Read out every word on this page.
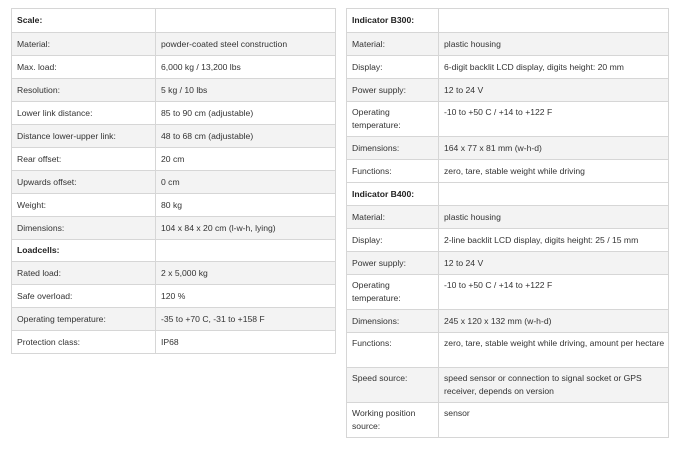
Scale:	
Material:	powder-coated steel construction
Max. load:	6,000 kg / 13,200 lbs
Resolution:	5 kg / 10 lbs
Lower link distance:	85 to 90 cm (adjustable)
Distance lower-upper link:	48 to 68 cm (adjustable)
Rear offset:	20 cm
Upwards offset:	0 cm
Weight:	80 kg
Dimensions:	104 x 84 x 20 cm (l-w-h, lying)
Loadcells:	
Rated load:	2 x 5,000 kg
Safe overload:	120 %
Operating temperature:	-35 to +70 C, -31 to +158 F
Protection class:	IP68
Indicator B300:	
Material:	plastic housing
Display:	6-digit backlit LCD display, digits height: 20 mm
Power supply:	12 to 24 V
Operating temperature:	-10 to +50 C / +14 to +122 F
Dimensions:	164 x 77 x 81 mm (w-h-d)
Functions:	zero, tare, stable weight while driving
Indicator B400:	
Material:	plastic housing
Display:	2-line backlit LCD display, digits height: 25 / 15 mm
Power supply:	12 to 24 V
Operating temperature:	-10 to +50 C / +14 to +122 F
Dimensions:	245 x 120 x 132 mm (w-h-d)
Functions:	zero, tare, stable weight while driving, amount per hectare
Speed source:	speed sensor or connection to signal socket or GPS receiver, depends on version
Working position source:	sensor
